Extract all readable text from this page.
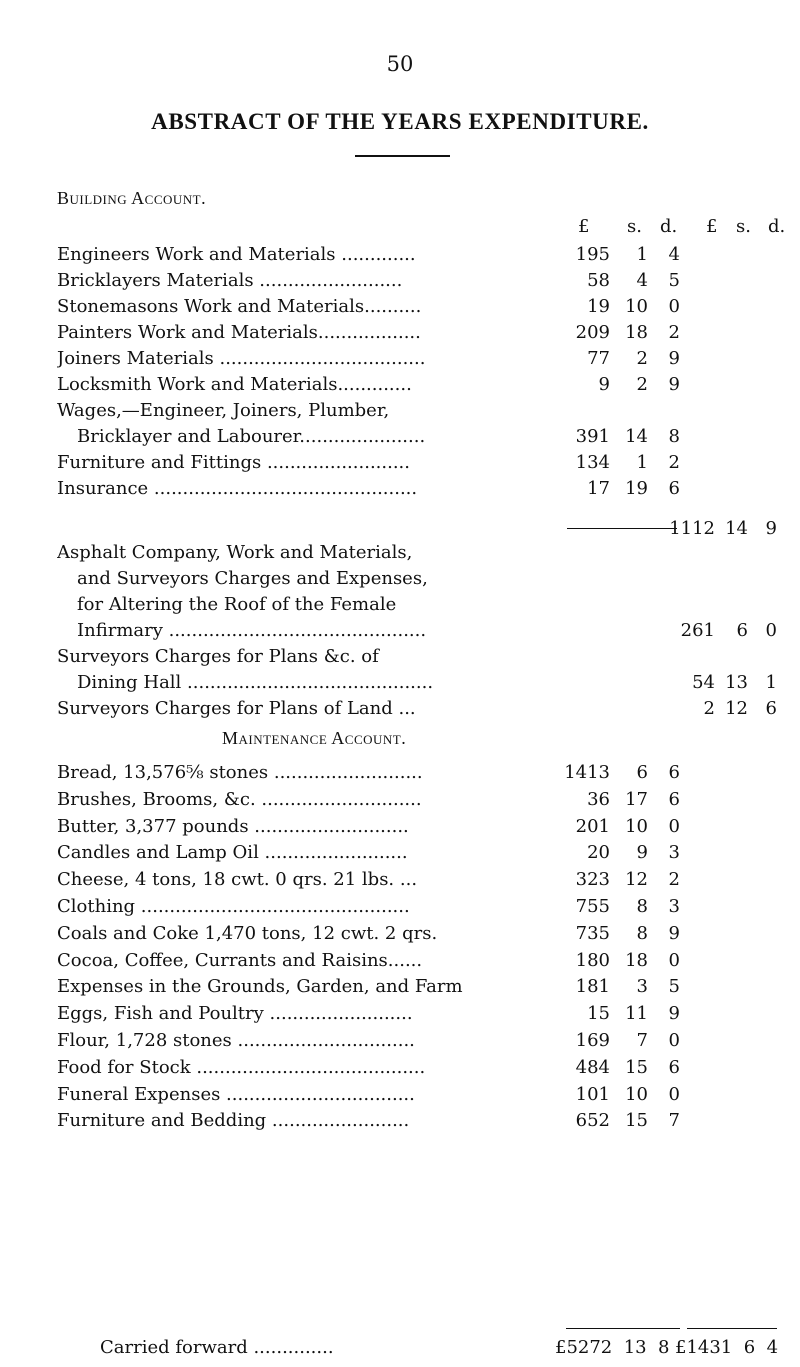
50
ABSTRACT OF THE YEARS EXPENDITURE.
Building Account.
£ s. d. £ s. d.
Engineers Work and Materials .............	195	1	4
Bricklayers Materials .........................	58	4	5
Stonemasons Work and Materials..........	19 10	0
Painters Work and Materials..................	209 18	2
Joiners Materials ....................................	77	2	9
Locksmith Work and Materials.............	9	2	9
Wages,—Engineer, Joiners, Plumber,
Bricklayer and Labourer......................	391 14	8
Furniture and Fittings .........................	134	1	2
Insurance ..............................................	17 19	6
1112 14 9
Asphalt Company, Work and Materials,
and Surveyors Charges and Expenses,
for Altering the Roof of the Female
Infirmary .............................................	261	6 0
Surveyors Charges for Plans &c. of
Dining Hall ...........................................	54 13 1
Surveyors Charges for Plans of Land ...	2 12 6
Maintenance Account.
Bread, 13,576⅝ stones ..........................	1413	6	6
Brushes, Brooms, &c. ............................	36 17	6
Butter, 3,377 pounds ...........................	201 10	0
Candles and Lamp Oil .........................	20	9	3
Cheese, 4 tons, 18 cwt. 0 qrs. 21 lbs. ...	323 12	2
Clothing ...............................................	755	8	3
Coals and Coke 1,470 tons, 12 cwt. 2 qrs.	735	8	9
Cocoa, Coffee, Currants and Raisins......	180 18	0
Expenses in the Grounds, Garden, and Farm	181	3	5
Eggs, Fish and Poultry .........................	15 11	9
Flour, 1,728 stones ...............................	169	7	0
Food for Stock ........................................	484 15	6
Funeral Expenses .................................	101 10	0
Furniture and Bedding ........................	652 15	7
Carried forward ..............	£5272  13  8 £1431  6  4
